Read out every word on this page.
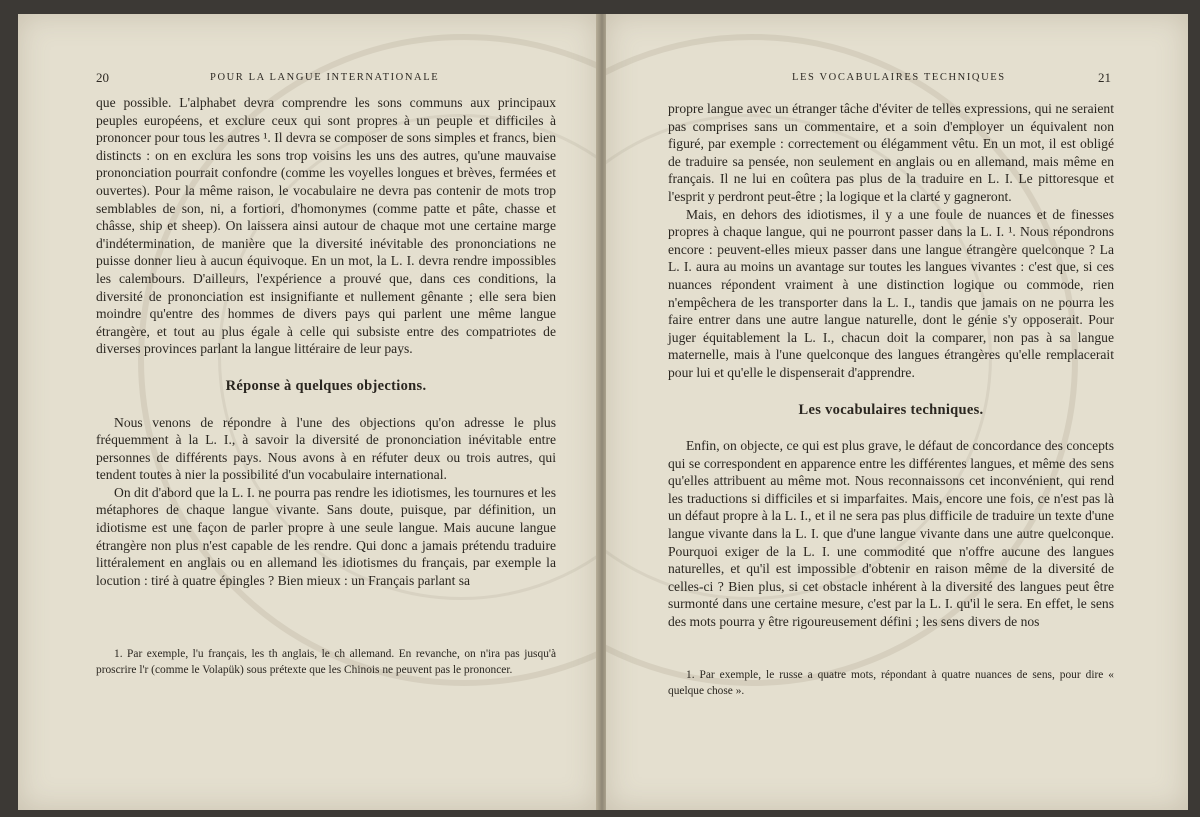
20	POUR LA LANGUE INTERNATIONALE

que possible. L'alphabet devra comprendre les sons communs aux principaux peuples européens, et exclure ceux qui sont propres à un peuple et difficiles à prononcer pour tous les autres ¹. Il devra se composer de sons simples et francs, bien distincts : on en exclura les sons trop voisins les uns des autres, qu'une mauvaise prononciation pourrait confondre (comme les voyelles longues et brèves, fermées et ouvertes). Pour la même raison, le vocabulaire ne devra pas contenir de mots trop semblables de son, ni, a fortiori, d'homonymes (comme patte et pâte, chasse et châsse, ship et sheep). On laissera ainsi autour de chaque mot une certaine marge d'indétermination, de manière que la diversité inévitable des prononciations ne puisse donner lieu à aucun équivoque. En un mot, la L. I. devra rendre impossibles les calembours. D'ailleurs, l'expérience a prouvé que, dans ces conditions, la diversité de prononciation est insignifiante et nullement gênante ; elle sera bien moindre qu'entre des hommes de divers pays qui parlent une même langue étrangère, et tout au plus égale à celle qui subsiste entre des compatriotes de diverses provinces parlant la langue littéraire de leur pays.

Réponse à quelques objections.

Nous venons de répondre à l'une des objections qu'on adresse le plus fréquemment à la L. I., à savoir la diversité de prononciation inévitable entre personnes de différents pays. Nous avons à en réfuter deux ou trois autres, qui tendent toutes à nier la possibilité d'un vocabulaire international.

On dit d'abord que la L. I. ne pourra pas rendre les idiotismes, les tournures et les métaphores de chaque langue vivante. Sans doute, puisque, par définition, un idiotisme est une façon de parler propre à une seule langue. Mais aucune langue étrangère non plus n'est capable de les rendre. Qui donc a jamais prétendu traduire littéralement en anglais ou en allemand les idiotismes du français, par exemple la locution : tiré à quatre épingles ? Bien mieux : un Français parlant sa

1. Par exemple, l'u français, les th anglais, le ch allemand. En revanche, on n'ira pas jusqu'à proscrire l'r (comme le Volapük) sous prétexte que les Chinois ne peuvent pas le prononcer.

LES VOCABULAIRES TECHNIQUES	21

propre langue avec un étranger tâche d'éviter de telles expressions, qui ne seraient pas comprises sans un commentaire, et a soin d'employer un équivalent non figuré, par exemple : correctement ou élégamment vêtu. En un mot, il est obligé de traduire sa pensée, non seulement en anglais ou en allemand, mais même en français. Il ne lui en coûtera pas plus de la traduire en L. I. Le pittoresque et l'esprit y perdront peut-être ; la logique et la clarté y gagneront.

Mais, en dehors des idiotismes, il y a une foule de nuances et de finesses propres à chaque langue, qui ne pourront passer dans la L. I. ¹. Nous répondrons encore : peuvent-elles mieux passer dans une langue étrangère quelconque ? La L. I. aura au moins un avantage sur toutes les langues vivantes : c'est que, si ces nuances répondent vraiment à une distinction logique ou commode, rien n'empêchera de les transporter dans la L. I., tandis que jamais on ne pourra les faire entrer dans une autre langue naturelle, dont le génie s'y opposerait. Pour juger équitablement la L. I., chacun doit la comparer, non pas à sa langue maternelle, mais à l'une quelconque des langues étrangères qu'elle remplacerait pour lui et qu'elle le dispenserait d'apprendre.

Les vocabulaires techniques.

Enfin, on objecte, ce qui est plus grave, le défaut de concordance des concepts qui se correspondent en apparence entre les différentes langues, et même des sens qu'elles attribuent au même mot. Nous reconnaissons cet inconvénient, qui rend les traductions si difficiles et si imparfaites. Mais, encore une fois, ce n'est pas là un défaut propre à la L. I., et il ne sera pas plus difficile de traduire un texte d'une langue vivante dans la L. I. que d'une langue vivante dans une autre quelconque. Pourquoi exiger de la L. I. une commodité que n'offre aucune des langues naturelles, et qu'il est impossible d'obtenir en raison même de la diversité de celles-ci ? Bien plus, si cet obstacle inhérent à la diversité des langues peut être surmonté dans une certaine mesure, c'est par la L. I. qu'il le sera. En effet, le sens des mots pourra y être rigoureusement défini ; les sens divers de nos

1. Par exemple, le russe a quatre mots, répondant à quatre nuances de sens, pour dire « quelque chose ».
